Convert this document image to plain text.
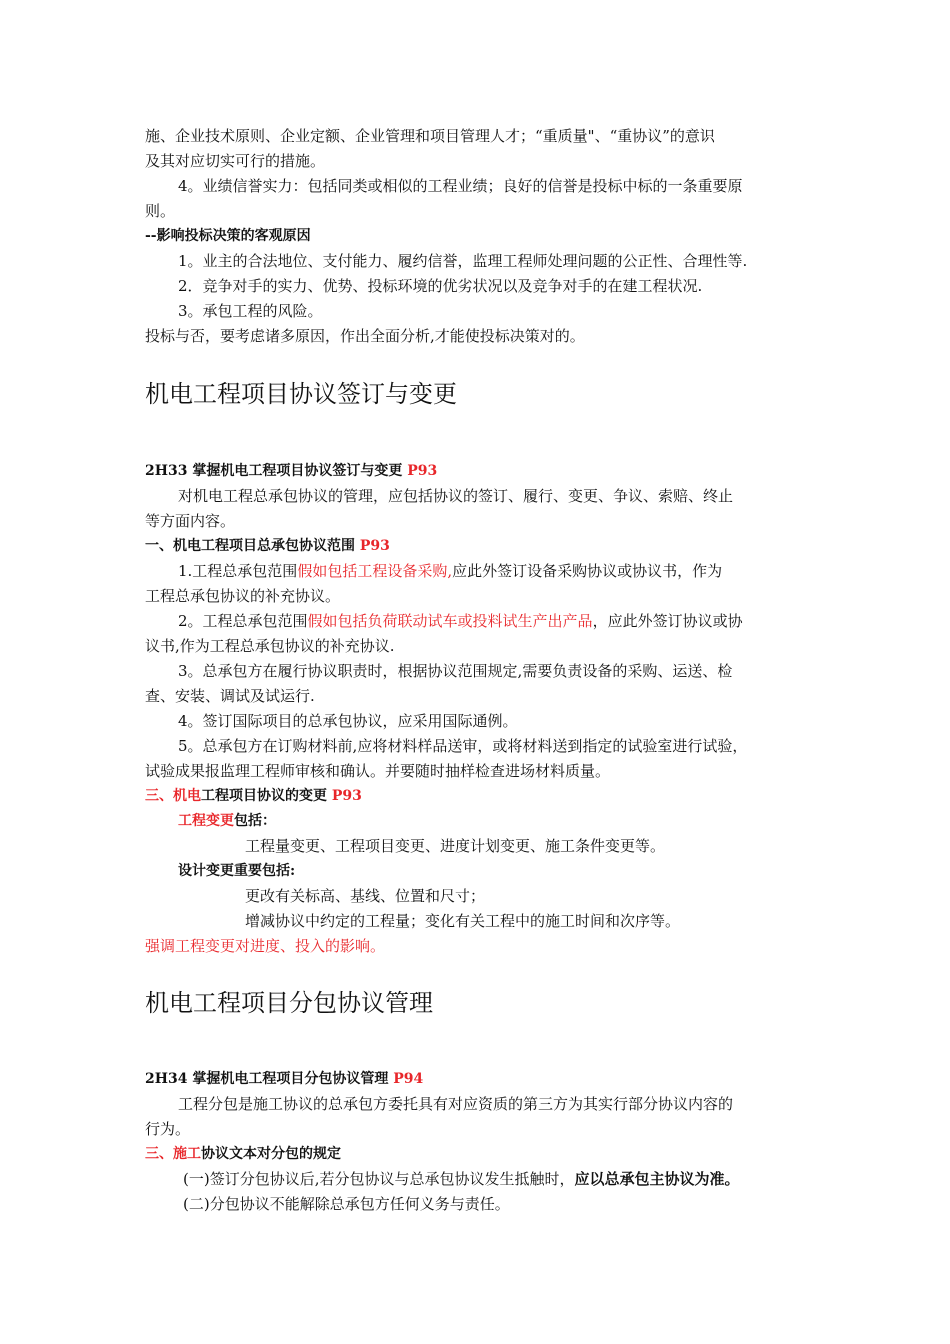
施、企业技术原则、企业定额、企业管理和项目管理人才；“重质量"、“重协议”的意识
及其对应切实可行的措施。
4。业绩信誉实力：包括同类或相似的工程业绩；良好的信誉是投标中标的一条重要原
则。
--影响投标决策的客观原因
1。业主的合法地位、支付能力、履约信誉，监理工程师处理问题的公正性、合理性等.
2．竞争对手的实力、优势、投标环境的优劣状况以及竞争对手的在建工程状况.
3。承包工程的风险。
投标与否，要考虑诸多原因，作出全面分析,才能使投标决策对的。
机电工程项目协议签订与变更
2H33 掌握机电工程项目协议签订与变更 P93
对机电工程总承包协议的管理，应包括协议的签订、履行、变更、争议、索赔、终止
等方面内容。
一、机电工程项目总承包协议范围 P93
1.工程总承包范围假如包括工程设备采购,应此外签订设备采购协议或协议书，作为
工程总承包协议的补充协议。
2。工程总承包范围假如包括负荷联动试车或投料试生产出产品，应此外签订协议或协
议书,作为工程总承包协议的补充协议.
3。总承包方在履行协议职责时，根据协议范围规定,需要负责设备的采购、运送、检
查、安装、调试及试运行.
4。签订国际项目的总承包协议，应采用国际通例。
5。总承包方在订购材料前,应将材料样品送审，或将材料送到指定的试验室进行试验，
试验成果报监理工程师审核和确认。并要随时抽样检查进场材料质量。
三、机电工程项目协议的变更 P93
工程变更包括：
工程量变更、工程项目变更、进度计划变更、施工条件变更等。
设计变更重要包括:
更改有关标高、基线、位置和尺寸；
增减协议中约定的工程量；变化有关工程中的施工时间和次序等。
强调工程变更对进度、投入的影响。
机电工程项目分包协议管理
2H34 掌握机电工程项目分包协议管理 P94
工程分包是施工协议的总承包方委托具有对应资质的第三方为其实行部分协议内容的
行为。
三、施工协议文本对分包的规定
(一)签订分包协议后,若分包协议与总承包协议发生抵触时，应以总承包主协议为准。
(二)分包协议不能解除总承包方任何义务与责任。
